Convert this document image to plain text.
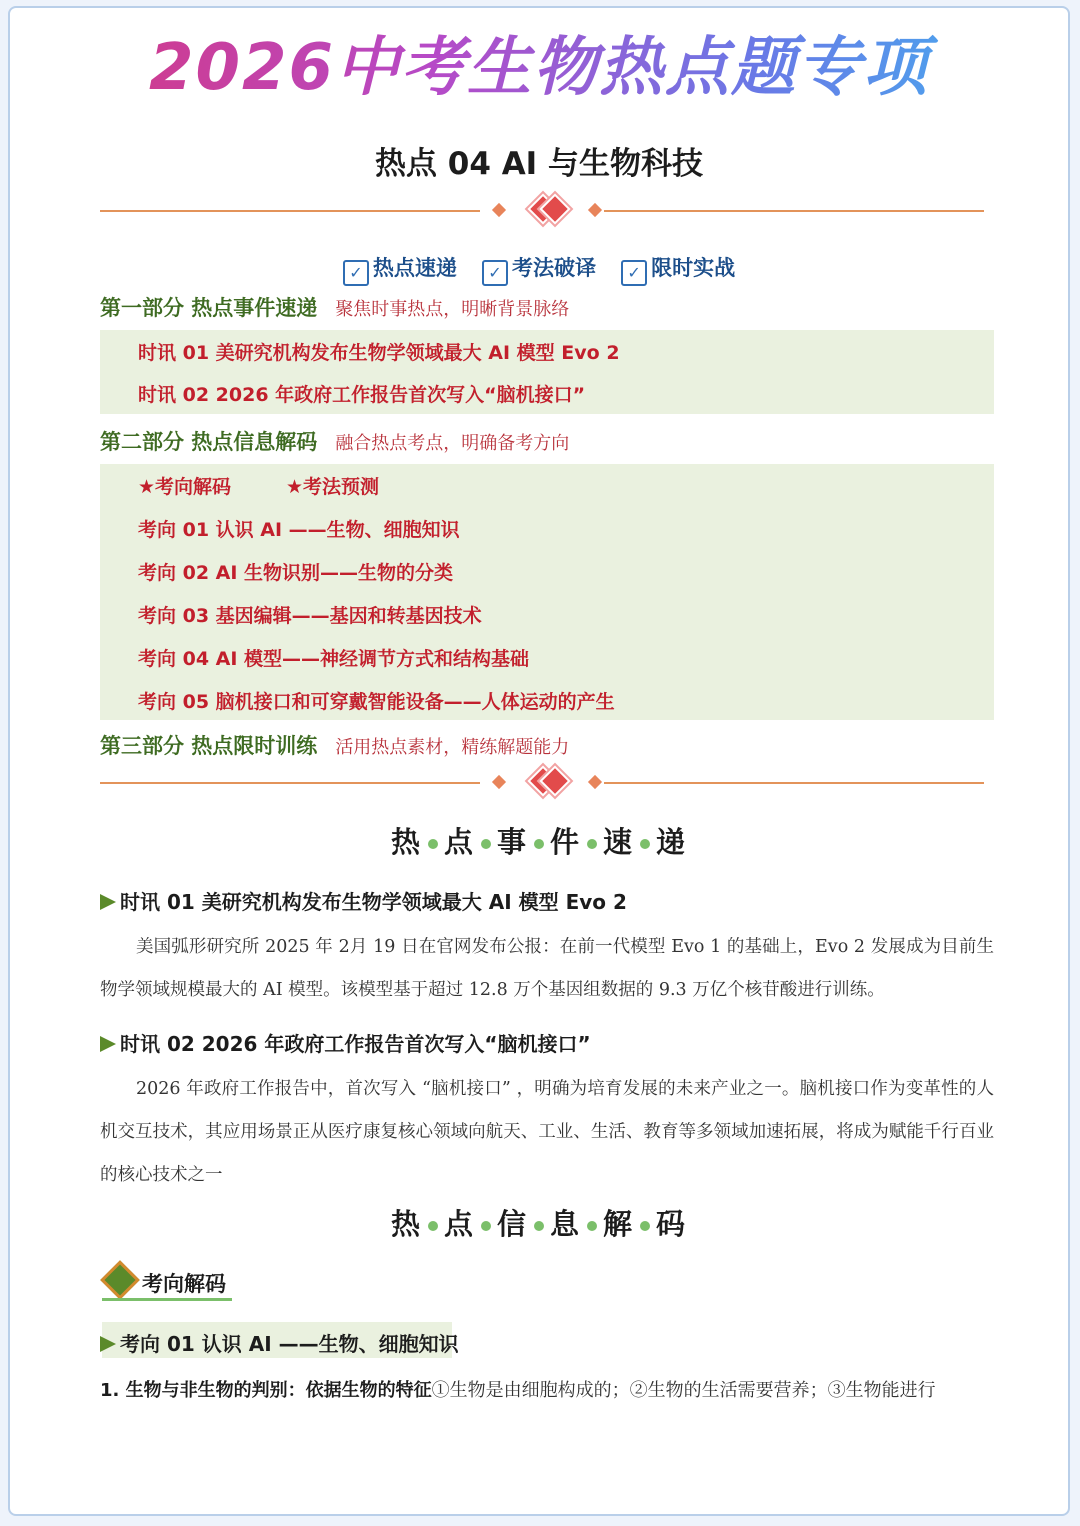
2026中考生物热点题专项
热点 04 AI 与生物科技
✓ 热点速递 ✓ 考法破译 ✓ 限时实战
第一部分 热点事件速递 聚焦时事热点，明晰背景脉络
时讯 01 美研究机构发布生物学领域最大 AI 模型 Evo 2
时讯 02 2026 年政府工作报告首次写入“脑机接口”
第二部分 热点信息解码 融合热点考点，明确备考方向
★考向解码	★考法预测
考向 01 认识 AI ——生物、细胞知识
考向 02 AI 生物识别——生物的分类
考向 03 基因编辑——基因和转基因技术
考向 04 AI 模型——神经调节方式和结构基础
考向 05 脑机接口和可穿戴智能设备——人体运动的产生
第三部分 热点限时训练 活用热点素材，精练解题能力
热 点 事 件 速 递
时讯 01 美研究机构发布生物学领域最大 AI 模型 Evo 2
美国弧形研究所 2025 年 2月 19 日在官网发布公报：在前一代模型 Evo 1 的基础上，Evo 2 发展成为目前生物学领域规模最大的 AI 模型。该模型基于超过 12.8 万个基因组数据的 9.3 万亿个核苷酸进行训练。
时讯 02 2026 年政府工作报告首次写入“脑机接口”
2026 年政府工作报告中，首次写入 “脑机接口” ，明确为培育发展的未来产业之一。脑机接口作为变革性的人机交互技术，其应用场景正从医疗康复核心领域向航天、工业、生活、教育等多领域加速拓展，将成为赋能千行百业的核心技术之一
热 点 信 息 解 码
考向解码
考向 01 认识 AI ——生物、细胞知识
1. 生物与非生物的判别：依据生物的特征①生物是由细胞构成的；②生物的生活需要营养；③生物能进行
